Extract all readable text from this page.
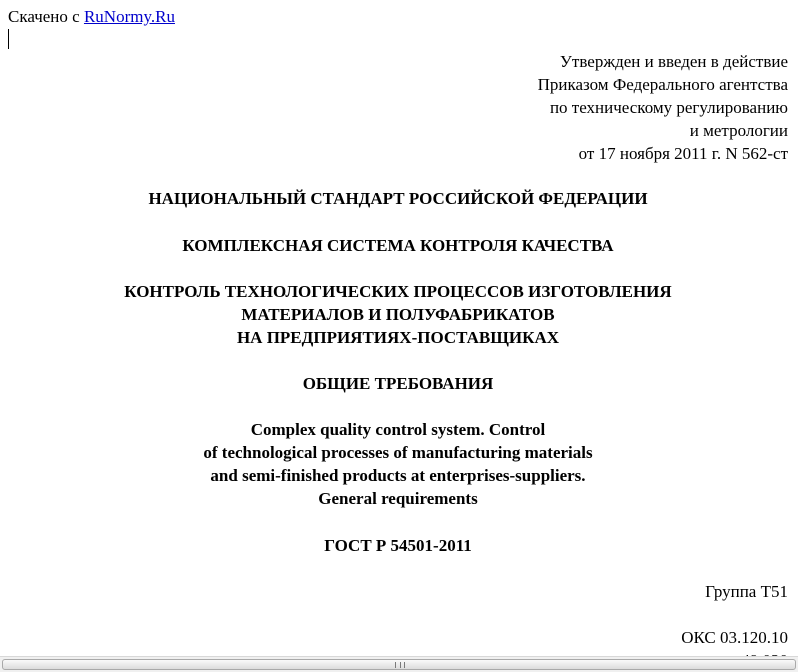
Скачено с RuNormy.Ru
Утвержден и введен в действие
Приказом Федерального агентства
по техническому регулированию
и метрологии
от 17 ноября 2011 г. N 562-ст
НАЦИОНАЛЬНЫЙ СТАНДАРТ РОССИЙСКОЙ ФЕДЕРАЦИИ
КОМПЛЕКСНАЯ СИСТЕМА КОНТРОЛЯ КАЧЕСТВА
КОНТРОЛЬ ТЕХНОЛОГИЧЕСКИХ ПРОЦЕССОВ ИЗГОТОВЛЕНИЯ
МАТЕРИАЛОВ И ПОЛУФАБРИКАТОВ
НА ПРЕДПРИЯТИЯХ-ПОСТАВЩИКАХ
ОБЩИЕ ТРЕБОВАНИЯ
Complex quality control system. Control
of technological processes of manufacturing materials
and semi-finished products at enterprises-suppliers.
General requirements
ГОСТ Р 54501-2011
Группа Т51
ОКС 03.120.10
